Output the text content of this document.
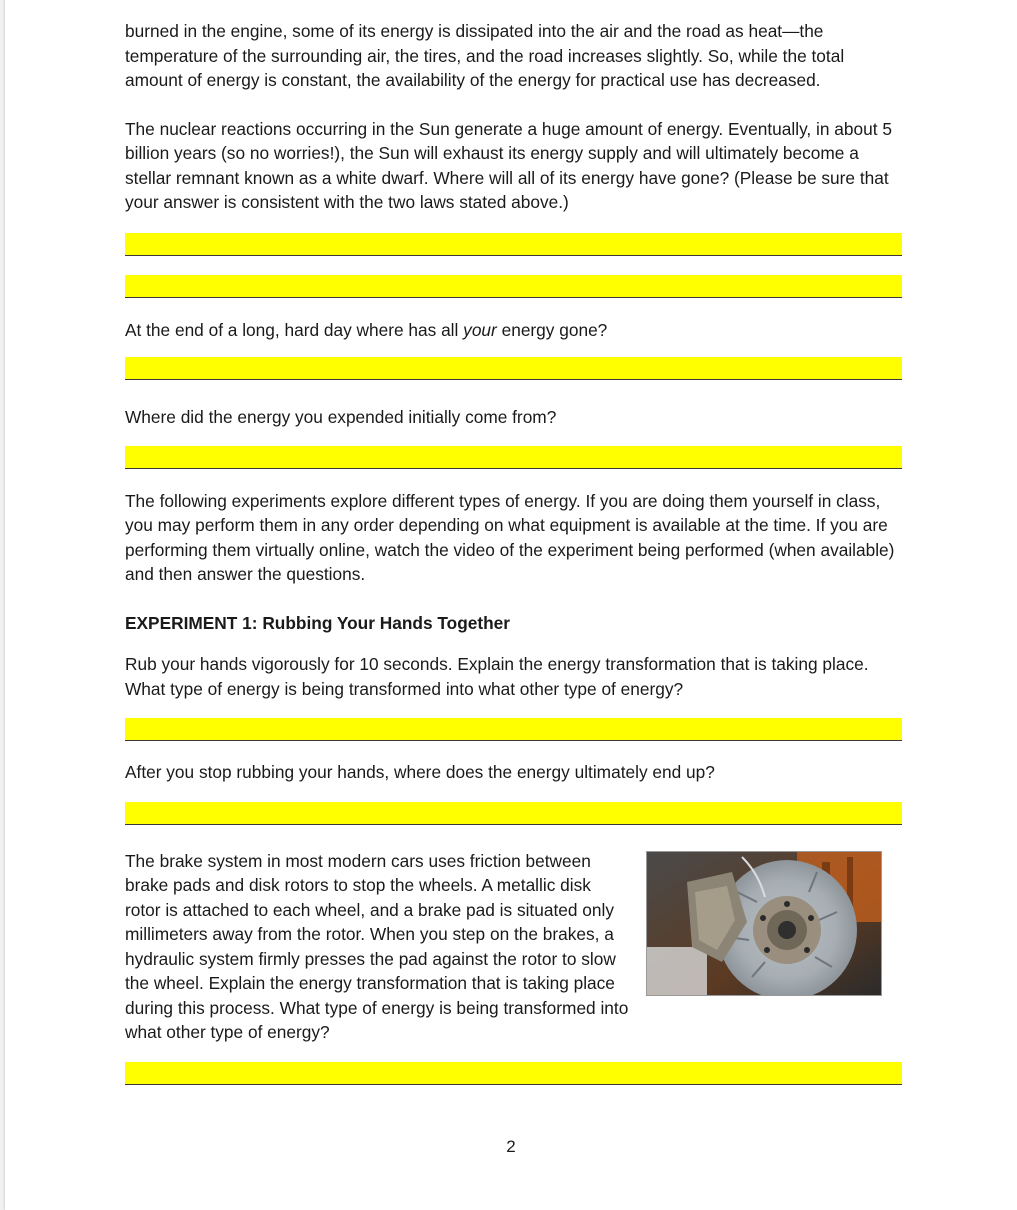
burned in the engine, some of its energy is dissipated into the air and the road as heat—the temperature of the surrounding air, the tires, and the road increases slightly. So, while the total amount of energy is constant, the availability of the energy for practical use has decreased.

The nuclear reactions occurring in the Sun generate a huge amount of energy. Eventually, in about 5 billion years (so no worries!), the Sun will exhaust its energy supply and will ultimately become a stellar remnant known as a white dwarf. Where will all of its energy have gone? (Please be sure that your answer is consistent with the two laws stated above.)

At the end of a long, hard day where has all your energy gone?

Where did the energy you expended initially come from?

The following experiments explore different types of energy. If you are doing them yourself in class, you may perform them in any order depending on what equipment is available at the time. If you are performing them virtually online, watch the video of the experiment being performed (when available) and then answer the questions.

EXPERIMENT 1: Rubbing Your Hands Together

Rub your hands vigorously for 10 seconds. Explain the energy transformation that is taking place. What type of energy is being transformed into what other type of energy?

After you stop rubbing your hands, where does the energy ultimately end up?

The brake system in most modern cars uses friction between brake pads and disk rotors to stop the wheels. A metallic disk rotor is attached to each wheel, and a brake pad is situated only millimeters away from the rotor. When you step on the brakes, a hydraulic system firmly presses the pad against the rotor to slow the wheel. Explain the energy transformation that is taking place during this process. What type of energy is being transformed into what other type of energy?

2
